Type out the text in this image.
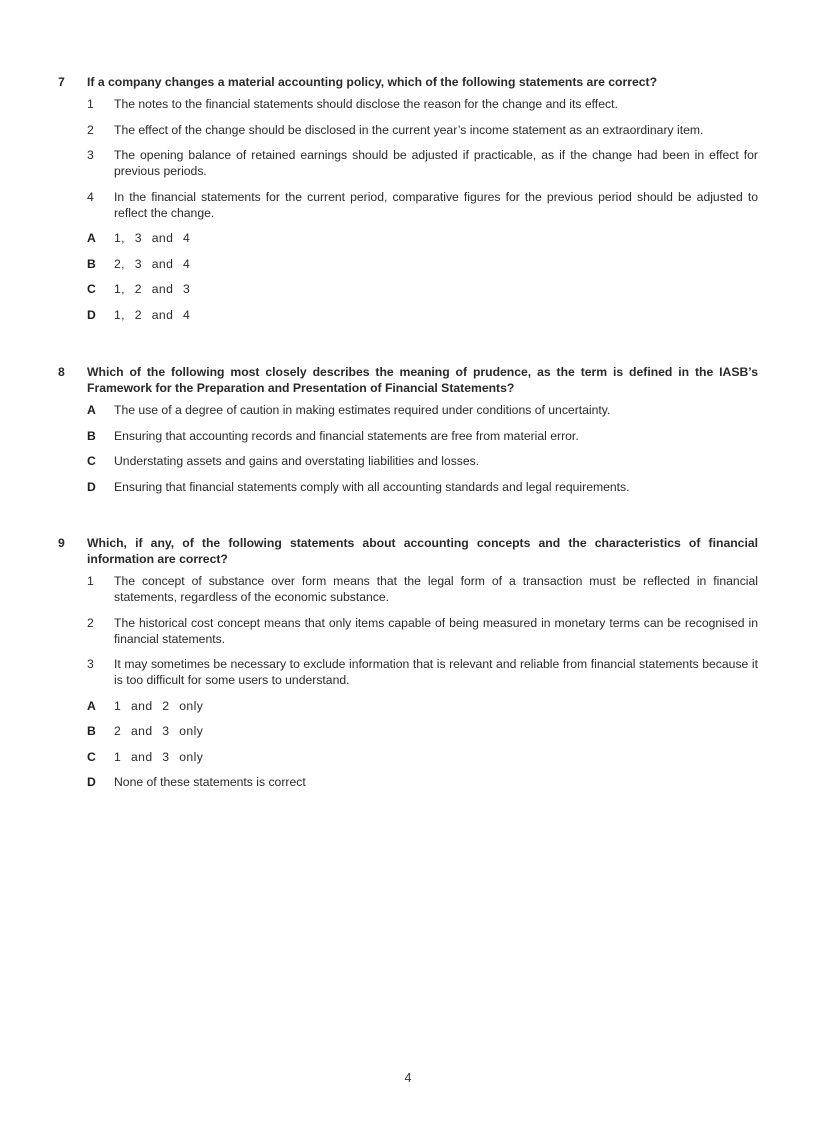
7	If a company changes a material accounting policy, which of the following statements are correct?
1	The notes to the financial statements should disclose the reason for the change and its effect.
2	The effect of the change should be disclosed in the current year’s income statement as an extraordinary item.
3	The opening balance of retained earnings should be adjusted if practicable, as if the change had been in effect for previous periods.
4	In the financial statements for the current period, comparative figures for the previous period should be adjusted to reflect the change.
A	1, 3 and 4
B	2, 3 and 4
C	1, 2 and 3
D	1, 2 and 4
8	Which of the following most closely describes the meaning of prudence, as the term is defined in the IASB’s Framework for the Preparation and Presentation of Financial Statements?
A	The use of a degree of caution in making estimates required under conditions of uncertainty.
B	Ensuring that accounting records and financial statements are free from material error.
C	Understating assets and gains and overstating liabilities and losses.
D	Ensuring that financial statements comply with all accounting standards and legal requirements.
9	Which, if any, of the following statements about accounting concepts and the characteristics of financial information are correct?
1	The concept of substance over form means that the legal form of a transaction must be reflected in financial statements, regardless of the economic substance.
2	The historical cost concept means that only items capable of being measured in monetary terms can be recognised in financial statements.
3	It may sometimes be necessary to exclude information that is relevant and reliable from financial statements because it is too difficult for some users to understand.
A	1 and 2 only
B	2 and 3 only
C	1 and 3 only
D	None of these statements is correct
4
